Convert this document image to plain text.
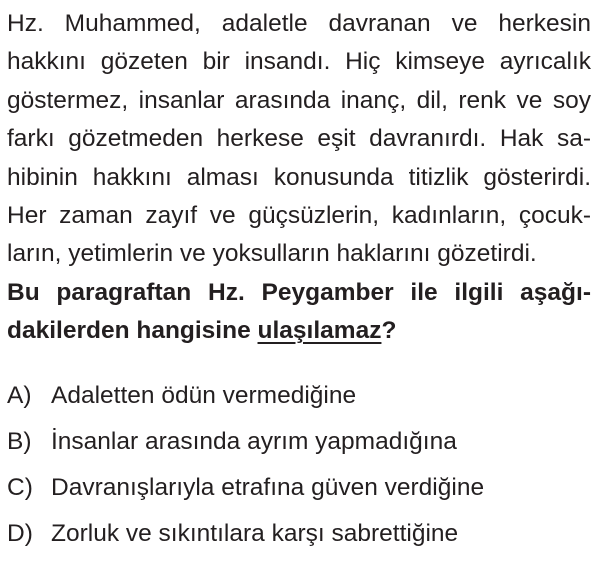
Hz. Muhammed, adaletle davranan ve herkesin
hakkını gözeten bir insandı. Hiç kimseye ayrıcalık
göstermez, insanlar arasında inanç, dil, renk ve soy
farkı gözetmeden herkese eşit davranırdı. Hak sa-
hibinin hakkını alması konusunda titizlik gösterirdi.
Her zaman zayıf ve güçsüzlerin, kadınların, çocuk-
ların, yetimlerin ve yoksulların haklarını gözetirdi.

Bu paragraftan Hz. Peygamber ile ilgili aşağı-
dakilerden hangisine ulaşılamaz?

A) Adaletten ödün vermediğine
B) İnsanlar arasında ayrım yapmadığına
C) Davranışlarıyla etrafına güven verdiğine
D) Zorluk ve sıkıntılara karşı sabrettiğine
